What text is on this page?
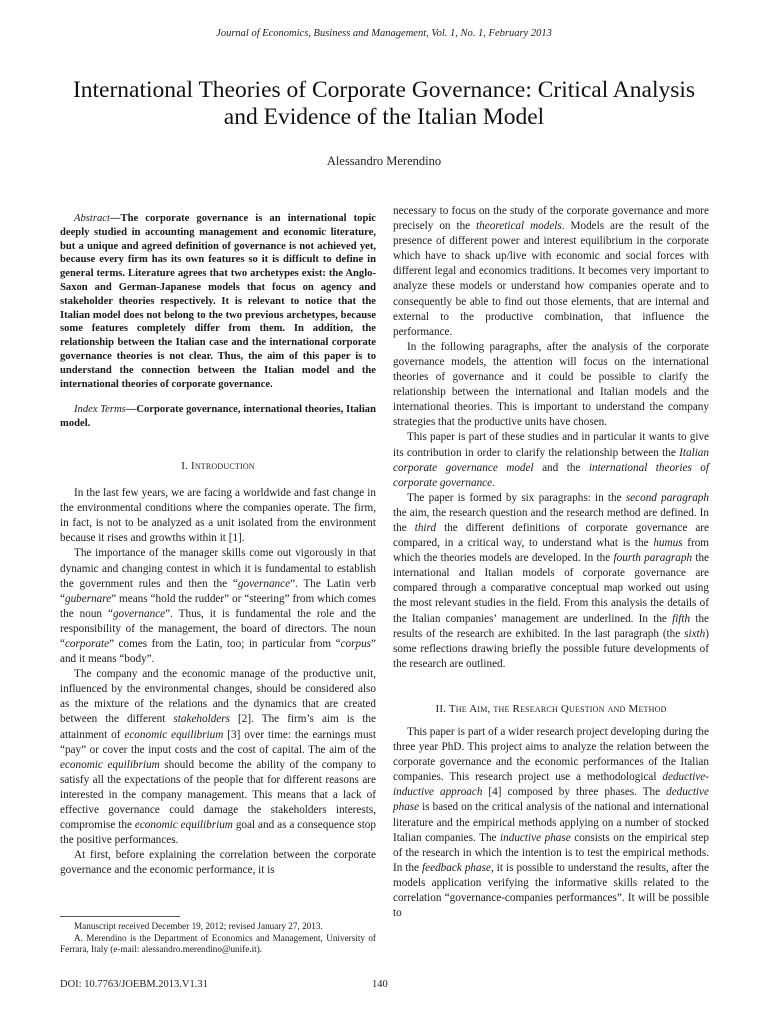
Journal of Economics, Business and Management, Vol. 1, No. 1, February 2013
International Theories of Corporate Governance: Critical Analysis and Evidence of the Italian Model
Alessandro Merendino
Abstract—The corporate governance is an international topic deeply studied in accounting management and economic literature, but a unique and agreed definition of governance is not achieved yet, because every firm has its own features so it is difficult to define in general terms. Literature agrees that two archetypes exist: the Anglo-Saxon and German-Japanese models that focus on agency and stakeholder theories respectively. It is relevant to notice that the Italian model does not belong to the two previous archetypes, because some features completely differ from them. In addition, the relationship between the Italian case and the international corporate governance theories is not clear. Thus, the aim of this paper is to understand the connection between the Italian model and the international theories of corporate governance.
Index Terms—Corporate governance, international theories, Italian model.
I. Introduction

In the last few years, we are facing a worldwide and fast change in the environmental conditions where the companies operate. The firm, in fact, is not to be analyzed as a unit isolated from the environment because it rises and growths within it [1].

The importance of the manager skills come out vigorously in that dynamic and changing contest in which it is fundamental to establish the government rules and then the “governance”. The Latin verb “gubernare” means “hold the rudder” or “steering” from which comes the noun “governance”. Thus, it is fundamental the role and the responsibility of the management, the board of directors. The noun “corporate” comes from the Latin, too; in particular from “corpus” and it means “body”.

The company and the economic manage of the productive unit, influenced by the environmental changes, should be considered also as the mixture of the relations and the dynamics that are created between the different stakeholders [2]. The firm’s aim is the attainment of economic equilibrium [3] over time: the earnings must “pay” or cover the input costs and the cost of capital. The aim of the economic equilibrium should become the ability of the company to satisfy all the expectations of the people that for different reasons are interested in the company management. This means that a lack of effective governance could damage the stakeholders interests, compromise the economic equilibrium goal and as a consequence stop the positive performances.

At first, before explaining the correlation between the corporate governance and the economic performance, it is

necessary to focus on the study of the corporate governance and more precisely on the theoretical models. Models are the result of the presence of different power and interest equilibrium in the corporate which have to shack up/live with economic and social forces with different legal and economics traditions. It becomes very important to analyze these models or understand how companies operate and to consequently be able to find out those elements, that are internal and external to the productive combination, that influence the performance.

In the following paragraphs, after the analysis of the corporate governance models, the attention will focus on the international theories of governance and it could be possible to clarify the relationship between the international and Italian models and the international theories. This is important to understand the company strategies that the productive units have chosen.

This paper is part of these studies and in particular it wants to give its contribution in order to clarify the relationship between the Italian corporate governance model and the international theories of corporate governance.

The paper is formed by six paragraphs: in the second paragraph the aim, the research question and the research method are defined. In the third the different definitions of corporate governance are compared, in a critical way, to understand what is the humus from which the theories models are developed. In the fourth paragraph the international and Italian models of corporate governance are compared through a comparative conceptual map worked out using the most relevant studies in the field. From this analysis the details of the Italian companies’ management are underlined. In the fifth the results of the research are exhibited. In the last paragraph (the sixth) some reflections drawing briefly the possible future developments of the research are outlined.

II. The Aim, the Research Question and Method

This paper is part of a wider research project developing during the three year PhD. This project aims to analyze the relation between the corporate governance and the economic performances of the Italian companies. This research project use a methodological deductive-inductive approach [4] composed by three phases. The deductive phase is based on the critical analysis of the national and international literature and the empirical methods applying on a number of stocked Italian companies. The inductive phase consists on the empirical step of the research in which the intention is to test the empirical methods. In the feedback phase, it is possible to understand the results, after the models application verifying the informative skills related to the correlation “governance-companies performances”. It will be possible to

Manuscript received December 19, 2012; revised January 27, 2013.
A. Merendino is the Department of Economics and Management, University of Ferrara, Italy (e-mail: alessandro.merendino@unife.it).
DOI: 10.7763/JOEBM.2013.V1.31	140
